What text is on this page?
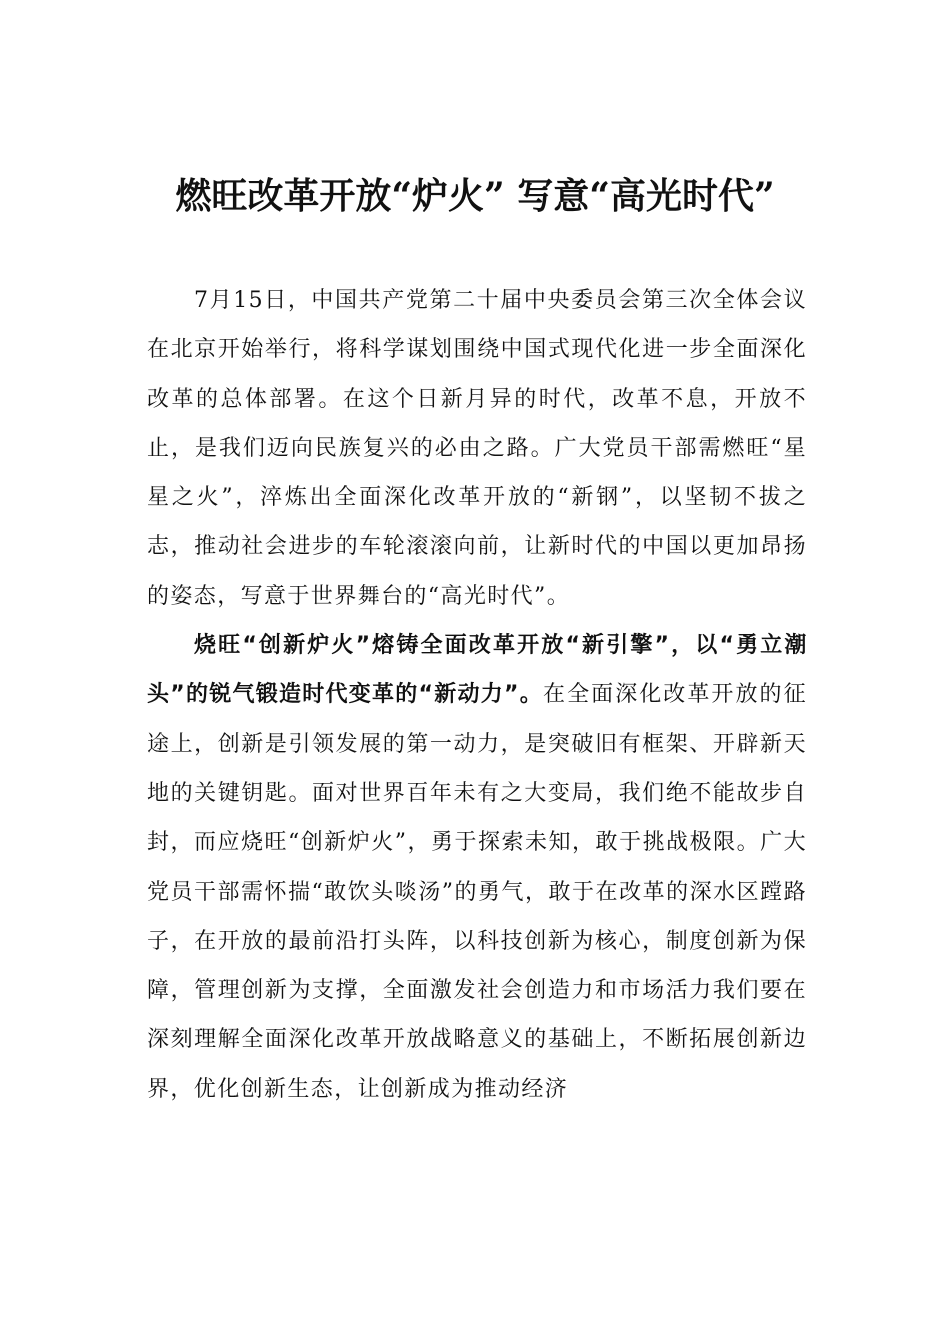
燃旺改革开放“炉火” 写意“高光时代”

7月15日，中国共产党第二十届中央委员会第三次全体会议在北京开始举行，将科学谋划围绕中国式现代化进一步全面深化改革的总体部署。在这个日新月异的时代，改革不息，开放不止，是我们迈向民族复兴的必由之路。广大党员干部需燃旺“星星之火”，淬炼出全面深化改革开放的“新钢”，以坚韧不拔之志，推动社会进步的车轮滚滚向前，让新时代的中国以更加昂扬的姿态，写意于世界舞台的“高光时代”。

烧旺“创新炉火”熔铸全面改革开放“新引擎”，以“勇立潮头”的锐气锻造时代变革的“新动力”。在全面深化改革开放的征途上，创新是引领发展的第一动力，是突破旧有框架、开辟新天地的关键钥匙。面对世界百年未有之大变局，我们绝不能故步自封，而应烧旺“创新炉火”，勇于探索未知，敢于挑战极限。广大党员干部需怀揣“敢饮头啖汤”的勇气，敢于在改革的深水区蹚路子，在开放的最前沿打头阵，以科技创新为核心，制度创新为保障，管理创新为支撑，全面激发社会创造力和市场活力我们要在深刻理解全面深化改革开放战略意义的基础上，不断拓展创新边界，优化创新生态，让创新成为推动经济
